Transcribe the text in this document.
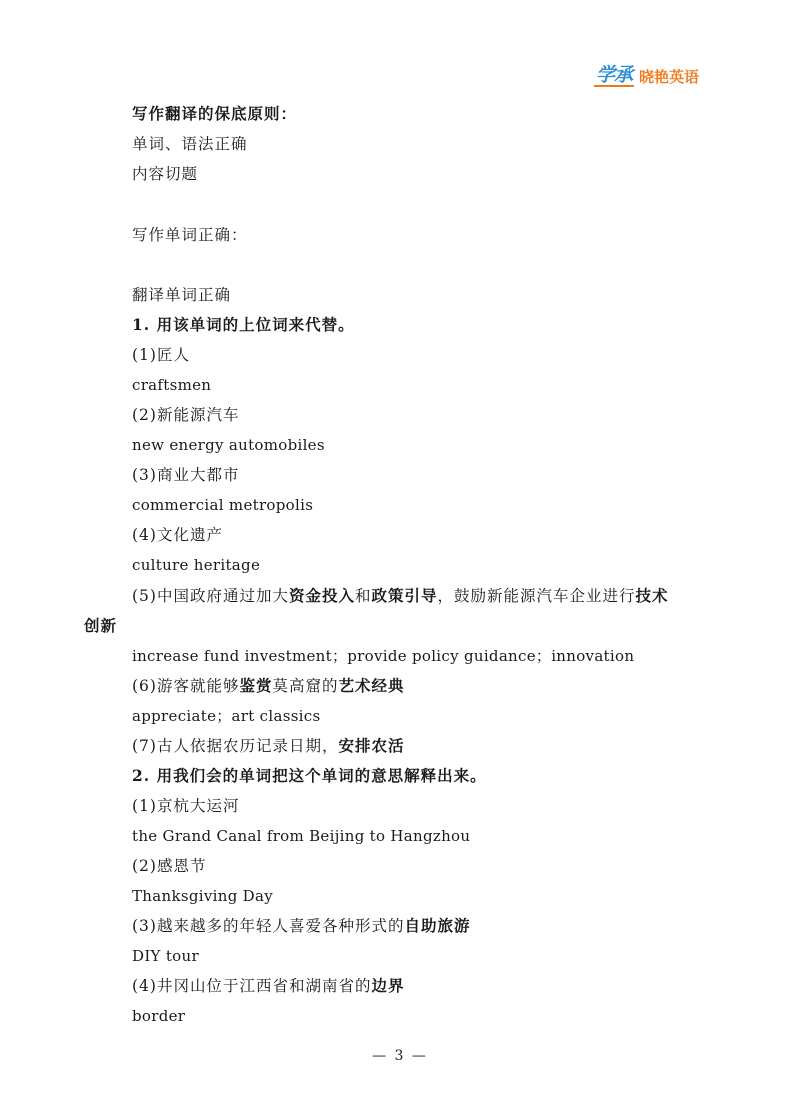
学承 晓艳英语
写作翻译的保底原则：
单词、语法正确
内容切题
写作单词正确：
翻译单词正确
1. 用该单词的上位词来代替。
(1)匠人
craftsmen
(2)新能源汽车
new energy automobiles
(3)商业大都市
commercial metropolis
(4)文化遗产
culture heritage
(5)中国政府通过加大资金投入和政策引导，鼓励新能源汽车企业进行技术
创新
increase fund investment；provide policy guidance；innovation
(6)游客就能够鉴赏莫高窟的艺术经典
appreciate；art classics
(7)古人依据农历记录日期，安排农活
2. 用我们会的单词把这个单词的意思解释出来。
(1)京杭大运河
the Grand Canal from Beijing to Hangzhou
(2)感恩节
Thanksgiving Day
(3)越来越多的年轻人喜爱各种形式的自助旅游
DIY tour
(4)井冈山位于江西省和湖南省的边界
border
— 3 —
